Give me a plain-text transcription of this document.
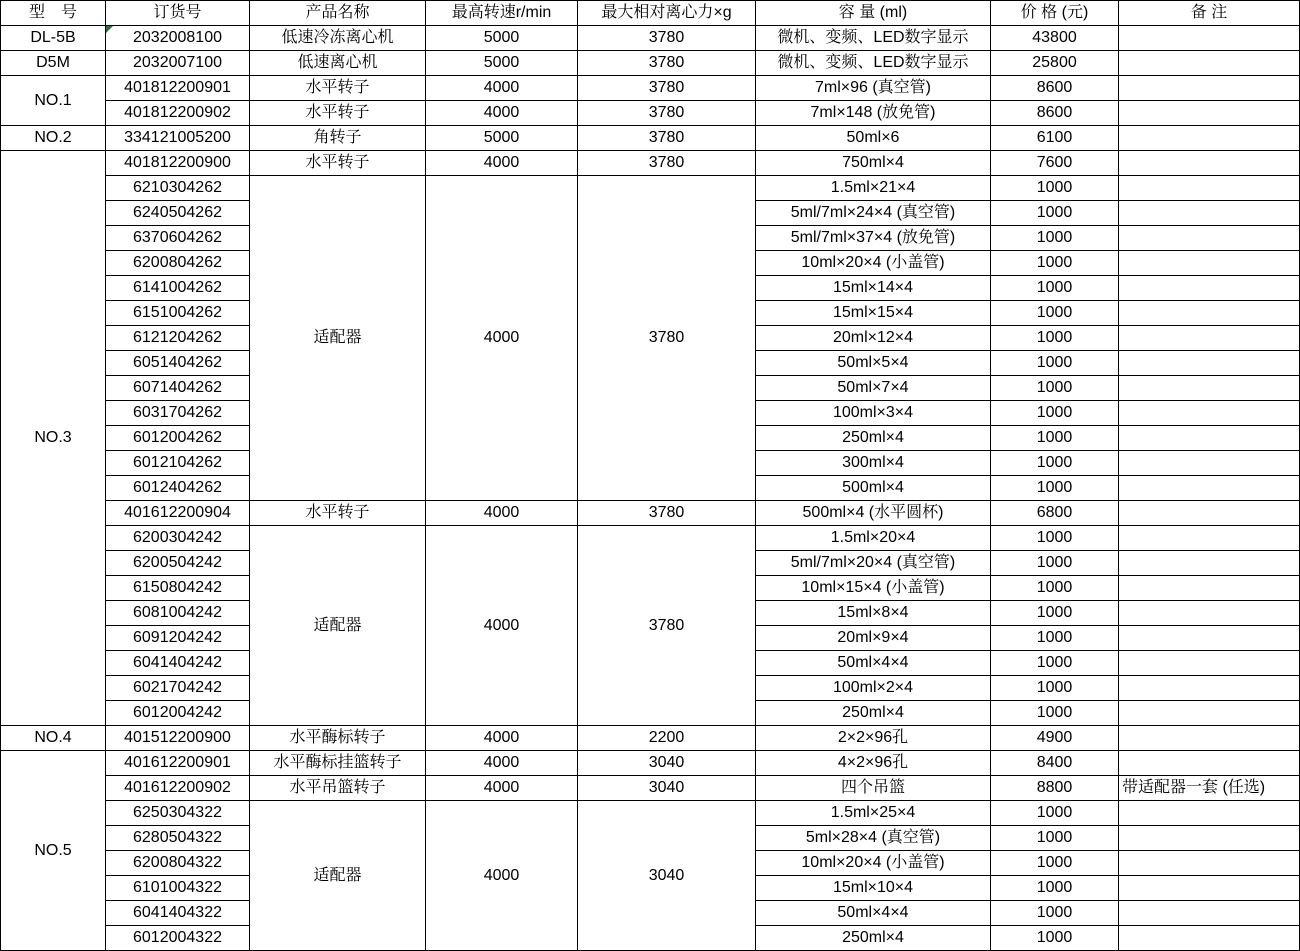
型　号	订货号	产品名称	最高转速r/min	最大相对离心力×g	容 量 (ml)	价 格 (元)	备 注
DL-5B	2032008100	低速冷冻离心机	5000	3780	微机、变频、LED数字显示	43800	
D5M	2032007100	低速离心机	5000	3780	微机、变频、LED数字显示	25800	
NO.1	401812200901	水平转子	4000	3780	7ml×96 (真空管)	8600	
	401812200902	水平转子	4000	3780	7ml×148 (放免管)	8600	
NO.2	334121005200	角转子	5000	3780	50ml×6	6100	
NO.3	401812200900	水平转子	4000	3780	750ml×4	7600	
	6210304262	适配器	4000	3780	1.5ml×21×4	1000	
	6240504262				5ml/7ml×24×4 (真空管)	1000	
	6370604262				5ml/7ml×37×4 (放免管)	1000	
	6200804262				10ml×20×4 (小盖管)	1000	
	6141004262				15ml×14×4	1000	
	6151004262				15ml×15×4	1000	
	6121204262				20ml×12×4	1000	
	6051404262				50ml×5×4	1000	
	6071404262				50ml×7×4	1000	
	6031704262				100ml×3×4	1000	
	6012004262				250ml×4	1000	
	6012104262				300ml×4	1000	
	6012404262				500ml×4	1000	
	401612200904	水平转子	4000	3780	500ml×4 (水平圆杯)	6800	
	6200304242	适配器	4000	3780	1.5ml×20×4	1000	
	6200504242				5ml/7ml×20×4 (真空管)	1000	
	6150804242				10ml×15×4 (小盖管)	1000	
	6081004242				15ml×8×4	1000	
	6091204242				20ml×9×4	1000	
	6041404242				50ml×4×4	1000	
	6021704242				100ml×2×4	1000	
	6012004242				250ml×4	1000	
NO.4	401512200900	水平酶标转子	4000	2200	2×2×96孔	4900	
NO.5	401612200901	水平酶标挂篮转子	4000	3040	4×2×96孔	8400	
	401612200902	水平吊篮转子	4000	3040	四个吊篮	8800	带适配器一套 (任选)
	6250304322	适配器	4000	3040	1.5ml×25×4	1000	
	6280504322				5ml×28×4 (真空管)	1000	
	6200804322				10ml×20×4 (小盖管)	1000	
	6101004322				15ml×10×4	1000	
	6041404322				50ml×4×4	1000	
	6012004322				250ml×4	1000	
